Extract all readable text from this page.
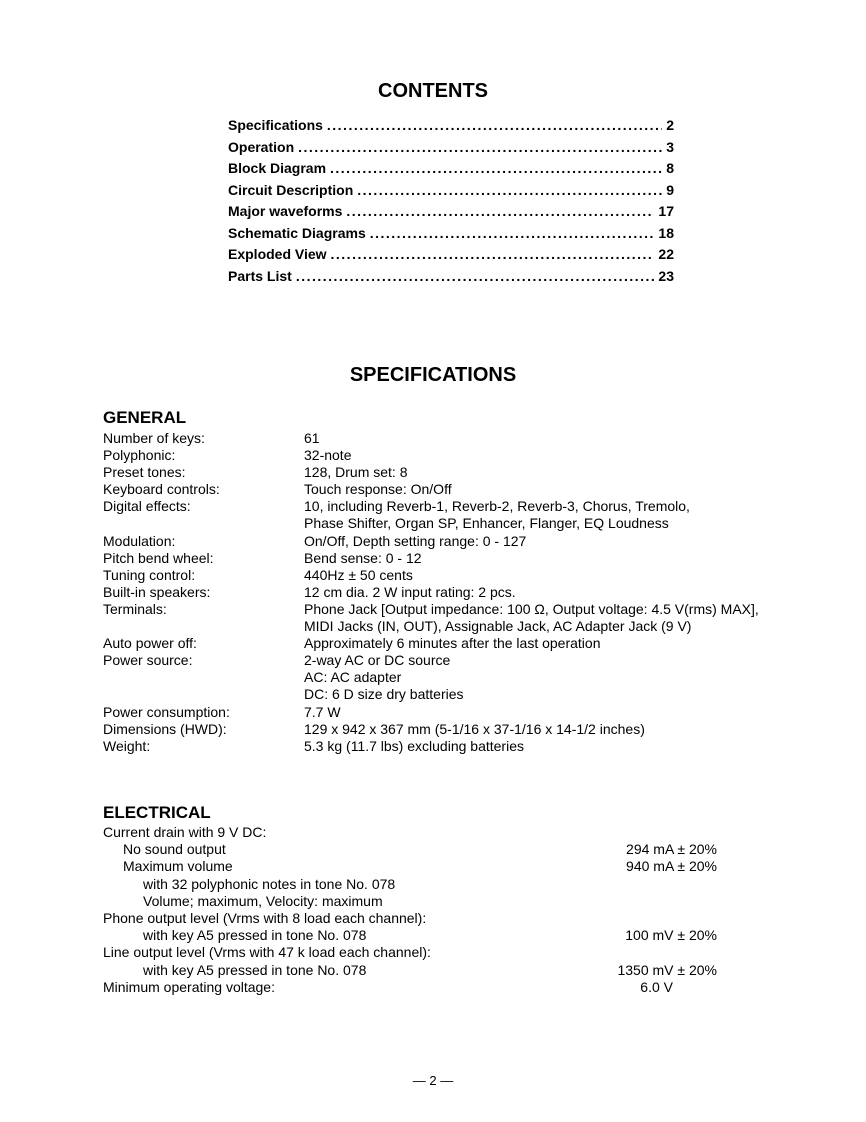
CONTENTS
Specifications . . .	2
Operation . . .	3
Block Diagram . . .	8
Circuit Description . . .	9
Major waveforms . . .	17
Schematic Diagrams . . .	18
Exploded View . . .	22
Parts List . . .	23
SPECIFICATIONS
GENERAL
Number of keys:	61
Polyphonic:	32-note
Preset tones:	128, Drum set: 8
Keyboard controls:	Touch response: On/Off
Digital effects:	10, including Reverb-1, Reverb-2, Reverb-3, Chorus, Tremolo,
Phase Shifter, Organ SP, Enhancer, Flanger, EQ Loudness
Modulation:	On/Off, Depth setting range: 0 - 127
Pitch bend wheel:	Bend sense: 0 - 12
Tuning control:	440Hz ± 50 cents
Built-in speakers:	12 cm dia. 2 W input rating: 2 pcs.
Terminals:	Phone Jack [Output impedance: 100 Ω, Output voltage: 4.5 V(rms) MAX],
MIDI Jacks (IN, OUT), Assignable Jack, AC Adapter Jack (9 V)
Auto power off:	Approximately 6 minutes after the last operation
Power source:	2-way AC or DC source
AC: AC adapter
DC: 6 D size dry batteries
Power consumption:	7.7 W
Dimensions (HWD):	129 x 942 x 367 mm (5-1/16 x 37-1/16 x 14-1/2 inches)
Weight:	5.3 kg (11.7 lbs) excluding batteries
ELECTRICAL
Current drain with 9 V DC:
No sound output	294 mA ± 20%
Maximum volume	940 mA ± 20%
with 32 polyphonic notes in tone No. 078
Volume; maximum, Velocity: maximum
Phone output level (Vrms with 8 load each channel):
with key A5 pressed in tone No. 078	100 mV ± 20%
Line output level (Vrms with 47 k load each channel):
with key A5 pressed in tone No. 078	1350 mV ± 20%
Minimum operating voltage:	6.0 V
— 2 —
